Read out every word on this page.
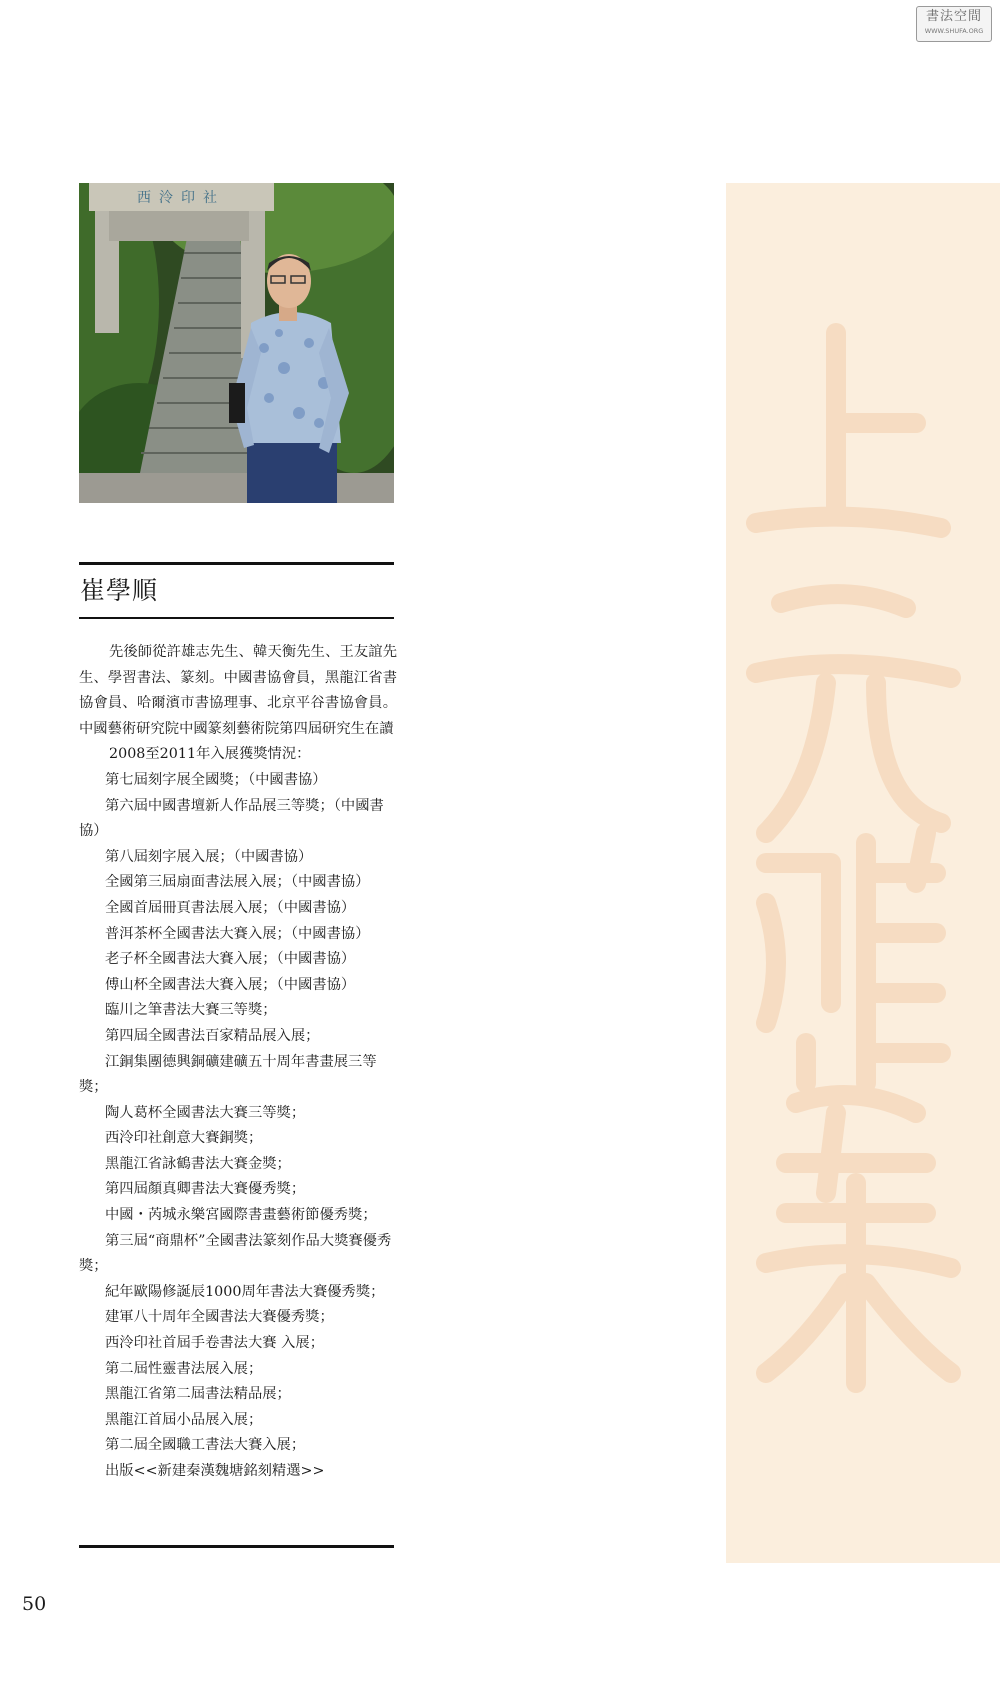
書法空間
WWW.SHUFA.ORG
西泠印社
崔學順

先後師從許雄志先生、韓天衡先生、王友誼先生、學習書法、篆刻。中國書協會員，黑龍江省書協會員、哈爾濱市書協理事、北京平谷書協會員。中國藝術研究院中國篆刻藝術院第四屆研究生在讀

2008至2011年入展獲獎情況：

第七屆刻字展全國獎；（中國書協）
第六屆中國書壇新人作品展三等獎；（中國書協）
第八屆刻字展入展；（中國書協）
全國第三屆扇面書法展入展；（中國書協）
全國首屆冊頁書法展入展；（中國書協）
普洱茶杯全國書法大賽入展；（中國書協）
老子杯全國書法大賽入展；（中國書協）
傅山杯全國書法大賽入展；（中國書協）
臨川之筆書法大賽三等獎；
第四屆全國書法百家精品展入展；
江銅集團德興銅礦建礦五十周年書畫展三等獎；
陶人葛杯全國書法大賽三等獎；
西泠印社創意大賽銅獎；
黑龍江省詠鶴書法大賽金獎；
第四屆顏真卿書法大賽優秀獎；
中國・芮城永樂宮國際書畫藝術節優秀獎；
第三屆“商鼎杯”全國書法篆刻作品大獎賽優秀獎；
紀年歐陽修誕辰1000周年書法大賽優秀獎；
建軍八十周年全國書法大賽優秀獎；
西泠印社首屆手卷書法大賽 入展；
第二屆性靈書法展入展；
黑龍江省第二屆書法精品展；
黑龍江首屆小品展入展；
第二屆全國職工書法大賽入展；
出版<<新建秦漢魏塘銘刻精選>>
50
